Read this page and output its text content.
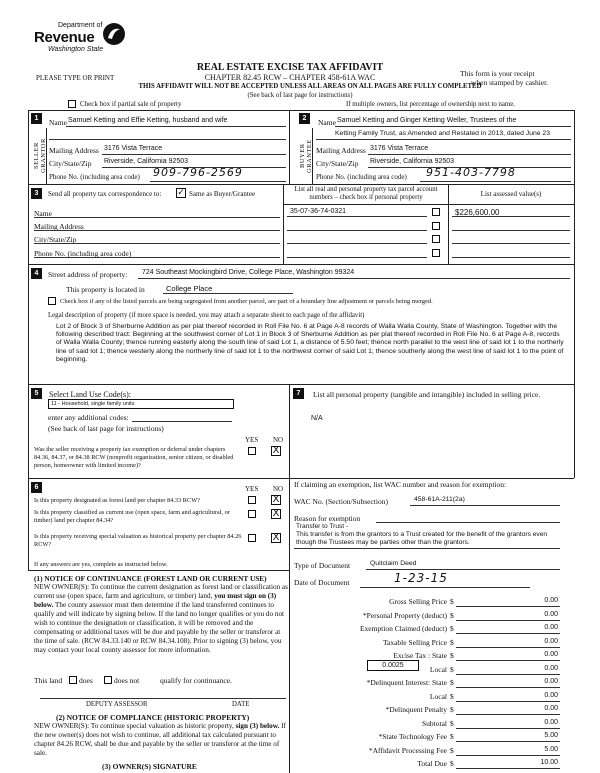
Department of
Revenue
Washington State
PLEASE TYPE OR PRINT
REAL ESTATE EXCISE TAX AFFIDAVIT
CHAPTER 82.45 RCW – CHAPTER 458-61A WAC
THIS AFFIDAVIT WILL NOT BE ACCEPTED UNLESS ALL AREAS ON ALL PAGES ARE FULLY COMPLETED
(See back of last page for instructions)
This form is your receipt
when stamped by cashier.
Check box if partial sale of property	If multiple owners, list percentage of ownership next to name.
1
SELLER GRANTOR
Name Samuel Ketting and Effie Ketting, husband and wife
Mailing Address 3176 Vista Terrace
City/State/Zip Riverside, California 92503
Phone No. (including area code) 909-796-2569
2
BUYER GRANTEE
Name Samuel Ketting and Ginger Ketting Weller, Trustees of the
Ketting Family Trust, as Amended and Restated in 2013, dated June 23
Mailing Address 3176 Vista Terrace
City/State/Zip Riverside, California 92503
Phone No. (including area code) 951-403-7798
3	Send all property tax correspondence to: ✓ Same as Buyer/Grantee
Name
Mailing Address
City/State/Zip
Phone No. (including area code)
List all real and personal property tax parcel account numbers – check box if personal property	List assessed value(s)
35-07-36-74-0321	$226,600.00
4	Street address of property: 724 Southeast Mockingbird Drive, College Place, Washington 99324
This property is located in	College Place
Check box if any of the listed parcels are being segregated from another parcel, are part of a boundary line adjustment or parcels being merged.
Legal description of property (if more space is needed, you may attach a separate sheet to each page of the affidavit)
Lot 2 of Block 3 of Sherburne Addition as per plat thereof recorded in Roll File No. 6 at Page A-8 records of Walla Walla County, State of Washington. Together with the following described tract: Beginning at the southwest corner of Lot 1 in Block 3 of Sherburne Addition as per plat thereof recorded in Roll File No. 6 at Page A-8, records of Walla Walla County; thence running easterly along the south line of said Lot 1, a distance of 5.50 feet; thence north parallel to the west line of said lot 1 to the northerly line of said lot 1; thence westerly along the northerly line of said lot 1 to the northwest corner of said Lot 1; thence southerly along the west line of said lot 1 to the point of beginning.
5	Select Land Use Code(s):
11 - Household, single family units
enter any additional codes:
(See back of last page for instructions)
YES NO
Was the seller receiving a property tax exemption or deferral under chapters 84.36, 84.37, or 84.38 RCW (nonprofit organization, senior citizen, or disabled person, homeowner with limited income)?
X
7	List all personal property (tangible and intangible) included in selling price.
N/A
6	YES NO
Is this property designated as forest land per chapter 84.33 RCW?	X
Is this property classified as current use (open space, farm and agricultural, or timber) land per chapter 84.34?
X
Is this property receiving special valuation as historical property per chapter 84.26 RCW?
X
If any answers are yes, complete as instructed below.
(1) NOTICE OF CONTINUANCE (FOREST LAND OR CURRENT USE)
NEW OWNER(S): To continue the current designation as forest land or classification as current use (open space, farm and agriculture, or timber) land, you must sign on (3) below. The county assessor must then determine if the land transferred continues to qualify and will indicate by signing below. If the land no longer qualifies or you do not wish to continue the designation or classification, it will be removed and the compensating or additional taxes will be due and payable by the seller or transferor at the time of sale. (RCW 84.33.140 or RCW 84.34.108). Prior to signing (3) below, you may contact your local county assessor for more information.
This land does	does not	qualify for continuance.
DEPUTY ASSESSOR	DATE
(2) NOTICE OF COMPLIANCE (HISTORIC PROPERTY)
NEW OWNER(S): To continue special valuation as historic property, sign (3) below. If the new owner(s) does not wish to continue, all additional tax calculated pursuant to chapter 84.26 RCW, shall be due and payable by the seller or transferor at the time of sale.
(3) OWNER(S) SIGNATURE
If claiming an exemption, list WAC number and reason for exemption:
WAC No. (Section/Subsection)	458-61A-211(2a)
Reason for exemption
Transfer to Trust -
This transfer is from the grantors to a Trust created for the benefit of the grantors even though the Trustees may be parties other than the grantors.
Type of Document	Quitclaim Deed
Date of Document	1-23-15
Gross Selling Price $	0.00
*Personal Property (deduct) $	0.00
Exemption Claimed (deduct) $	0.00
Taxable Selling Price $	0.00
Excise Tax : State $	0.00
Local $	0.00
*Delinquent Interest: State $	0.00
Local $	0.00
*Delinquent Penalty $	0.00
Subtotal $	0.00
*State Technology Fee $	5.00
*Affidavit Processing Fee $	5.00
Total Due $	10.00
0.0025
